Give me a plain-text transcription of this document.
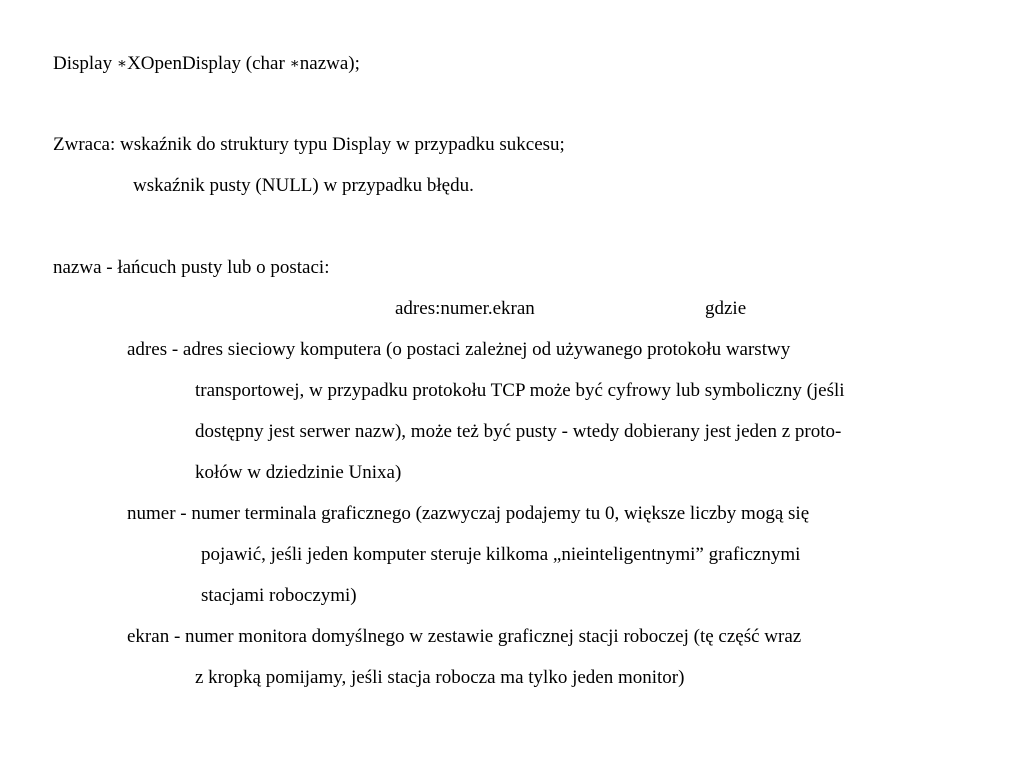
Display ∗XOpenDisplay (char ∗nazwa);
Zwraca: wskaźnik do struktury typu Display w przypadku sukcesu;
wskaźnik pusty (NULL) w przypadku błędu.
nazwa - łańcuch pusty lub o postaci:
adres:numer.ekran	gdzie
adres - adres sieciowy komputera (o postaci zależnej od używanego protokołu warstwy
transportowej, w przypadku protokołu TCP może być cyfrowy lub symboliczny (jeśli
dostępny jest serwer nazw), może też być pusty - wtedy dobierany jest jeden z proto-
kołów w dziedzinie Unixa)
numer - numer terminala graficznego (zazwyczaj podajemy tu 0, większe liczby mogą się
pojawić, jeśli jeden komputer steruje kilkoma „nieinteligentnymi” graficznymi
stacjami roboczymi)
ekran - numer monitora domyślnego w zestawie graficznej stacji roboczej (tę część wraz
z kropką pomijamy, jeśli stacja robocza ma tylko jeden monitor)
